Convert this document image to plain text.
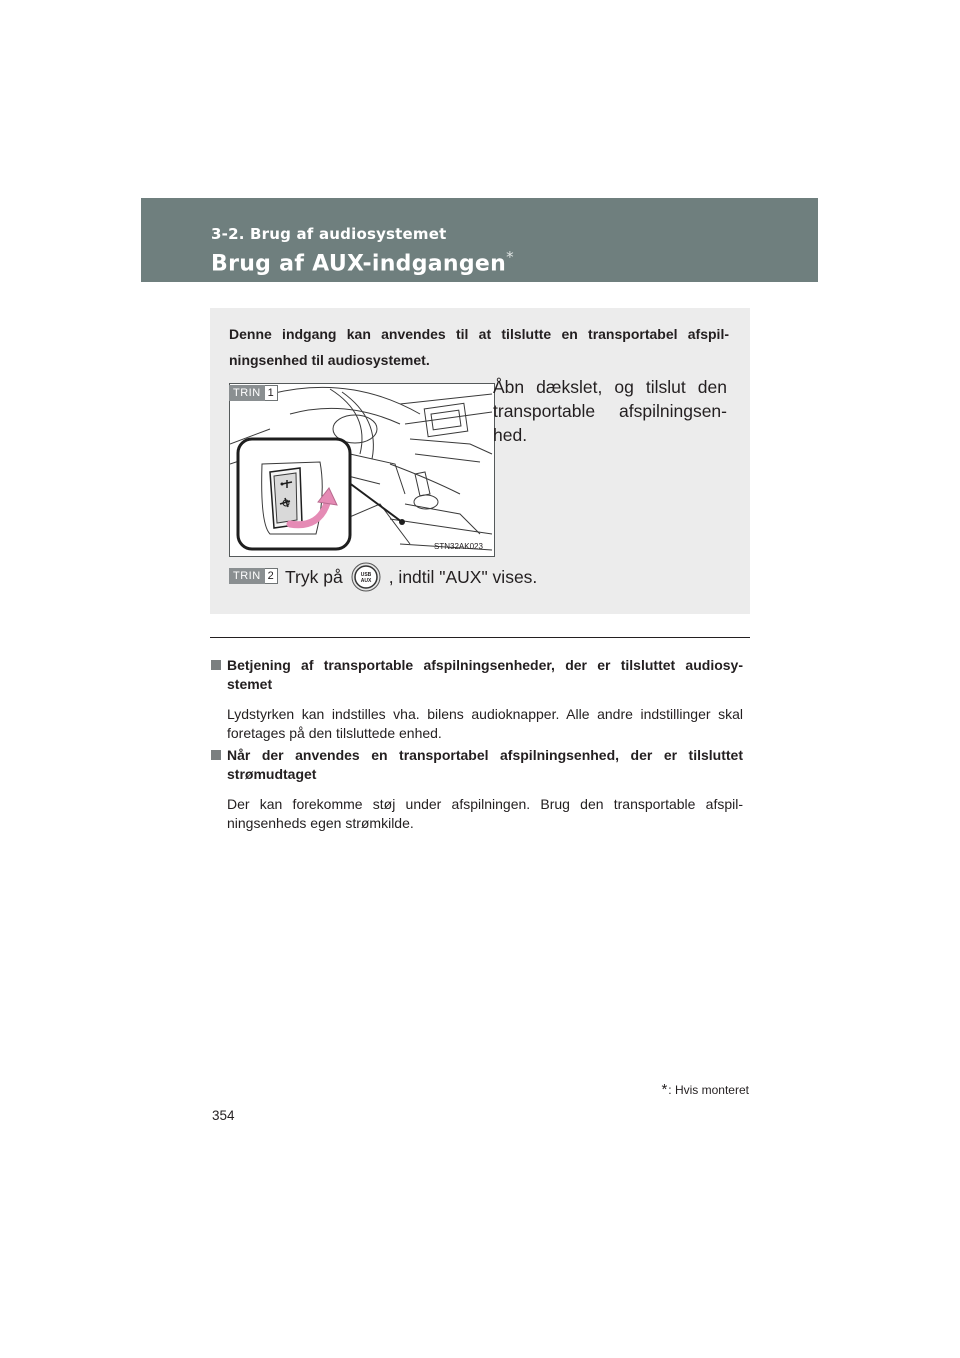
3-2. Brug af audiosystemet
Brug af AUX-indgangen*
Denne indgang kan anvendes til at tilslutte en transportabel afspil-ningsenhed til audiosystemet.
STN32AK023
TRIN 1	Åbn dækslet, og tilslut den transportable afspilningsen-hed.
TRIN 2 Tryk på	USB
AUX , indtil "AUX" vises.
Betjening af transportable afspilningsenheder, der er tilsluttet audiosy-stemet
Lydstyrken kan indstilles vha. bilens audioknapper. Alle andre indstillinger skal foretages på den tilsluttede enhed.
Når der anvendes en transportabel afspilningsenhed, der er tilsluttet strømudtaget
Der kan forekomme støj under afspilningen. Brug den transportable afspil-ningsenheds egen strømkilde.
*: Hvis monteret
354
